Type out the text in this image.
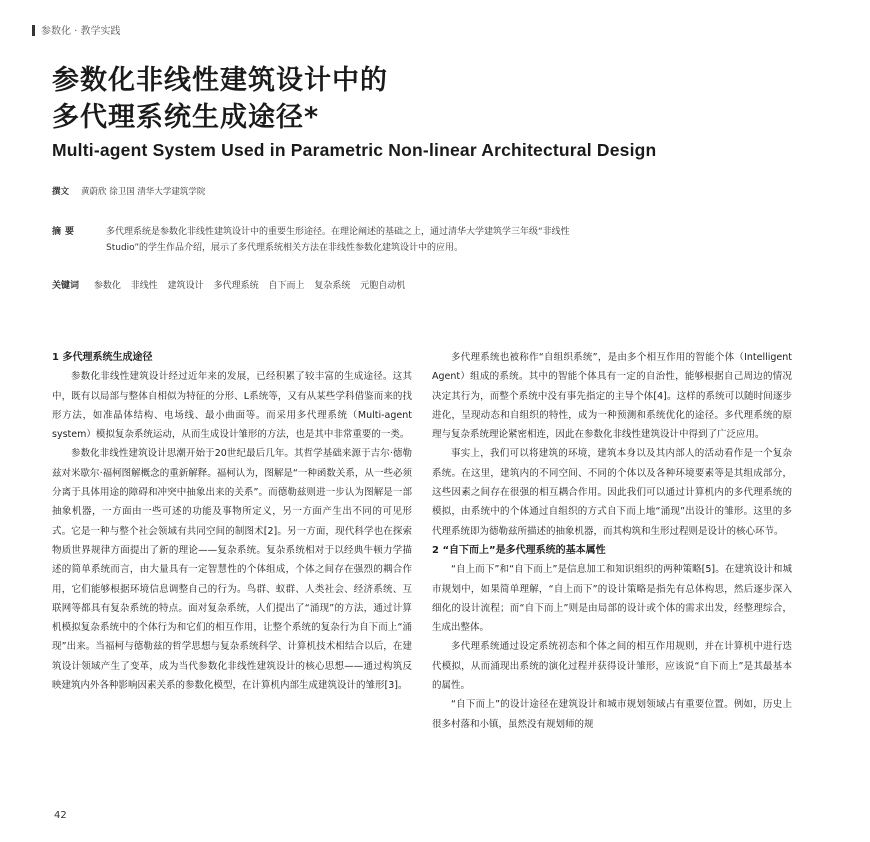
参数化 · 教学实践
参数化非线性建筑设计中的
多代理系统生成途径*
Multi-agent System Used in Parametric Non-linear Architectural Design
撰文 黄蔚欣 徐卫国 清华大学建筑学院
摘要	多代理系统是参数化非线性建筑设计中的重要生形途径。在理论阐述的基础之上，通过清华大学建筑学三年级“非线性Studio”的学生作品介绍，展示了多代理系统相关方法在非线性参数化建筑设计中的应用。
关键词 参数化 非线性 建筑设计 多代理系统 自下而上 复杂系统 元胞自动机
1 多代理系统生成途径

参数化非线性建筑设计经过近年来的发展，已经积累了较丰富的生成途径。这其中，既有以局部与整体自相似为特征的分形、L系统等，又有从某些学科借鉴而来的找形方法，如准晶体结构、电场线、最小曲面等。而采用多代理系统（Multi-agent system）模拟复杂系统运动，从而生成设计雏形的方法，也是其中非常重要的一类。

参数化非线性建筑设计思潮开始于20世纪最后几年。其哲学基础来源于吉尔·德勒兹对米歇尔·福柯图解概念的重新解释。福柯认为，图解是“一种函数关系，从一些必须分离于具体用途的障碍和冲突中抽象出来的关系”。而德勒兹则进一步认为图解是一部抽象机器，一方面由一些可述的功能及事物所定义，另一方面产生出不同的可见形式。它是一种与整个社会领域有共同空间的制图术[2]。另一方面，现代科学也在探索物质世界规律方面提出了新的理论——复杂系统。复杂系统相对于以经典牛顿力学描述的简单系统而言，由大量具有一定智慧性的个体组成，个体之间存在强烈的耦合作用，它们能够根据环境信息调整自己的行为。鸟群、蚁群、人类社会、经济系统、互联网等都具有复杂系统的特点。面对复杂系统，人们提出了“涌现”的方法，通过计算机模拟复杂系统中的个体行为和它们的相互作用，让整个系统的复杂行为自下而上“涌现”出来。当福柯与德勒兹的哲学思想与复杂系统科学、计算机技术相结合以后，在建筑设计领域产生了变革，成为当代参数化非线性建筑设计的核心思想——通过构筑反映建筑内外各种影响因素关系的参数化模型，在计算机内部生成建筑设计的雏形[3]。

多代理系统也被称作“自组织系统”，是由多个相互作用的智能个体（Intelligent Agent）组成的系统。其中的智能个体具有一定的自治性，能够根据自己周边的情况决定其行为，而整个系统中没有事先指定的主导个体[4]。这样的系统可以随时间逐步进化，呈现动态和自组织的特性，成为一种预测和系统优化的途径。多代理系统的原理与复杂系统理论紧密相连，因此在参数化非线性建筑设计中得到了广泛应用。

事实上，我们可以将建筑的环境，建筑本身以及其内部人的活动看作是一个复杂系统。在这里，建筑内的不同空间、不同的个体以及各种环境要素等是其组成部分，这些因素之间存在很强的相互耦合作用。因此我们可以通过计算机内的多代理系统的模拟，由系统中的个体通过自组织的方式自下而上地“涌现”出设计的雏形。这里的多代理系统即为德勒兹所描述的抽象机器，而其构筑和生形过程则是设计的核心环节。

2 “自下而上”是多代理系统的基本属性

“自上而下”和“自下而上”是信息加工和知识组织的两种策略[5]。在建筑设计和城市规划中，如果简单理解，“自上而下”的设计策略是指先有总体构思，然后逐步深入细化的设计流程；而“自下而上”则是由局部的设计或个体的需求出发，经整理综合，生成出整体。

多代理系统通过设定系统初态和个体之间的相互作用规则，并在计算机中进行迭代模拟，从而涌现出系统的演化过程并获得设计雏形，应该说“自下而上”是其最基本的属性。

“自下而上”的设计途径在建筑设计和城市规划领域占有重要位置。例如，历史上很多村落和小镇，虽然没有规划师的规

42
